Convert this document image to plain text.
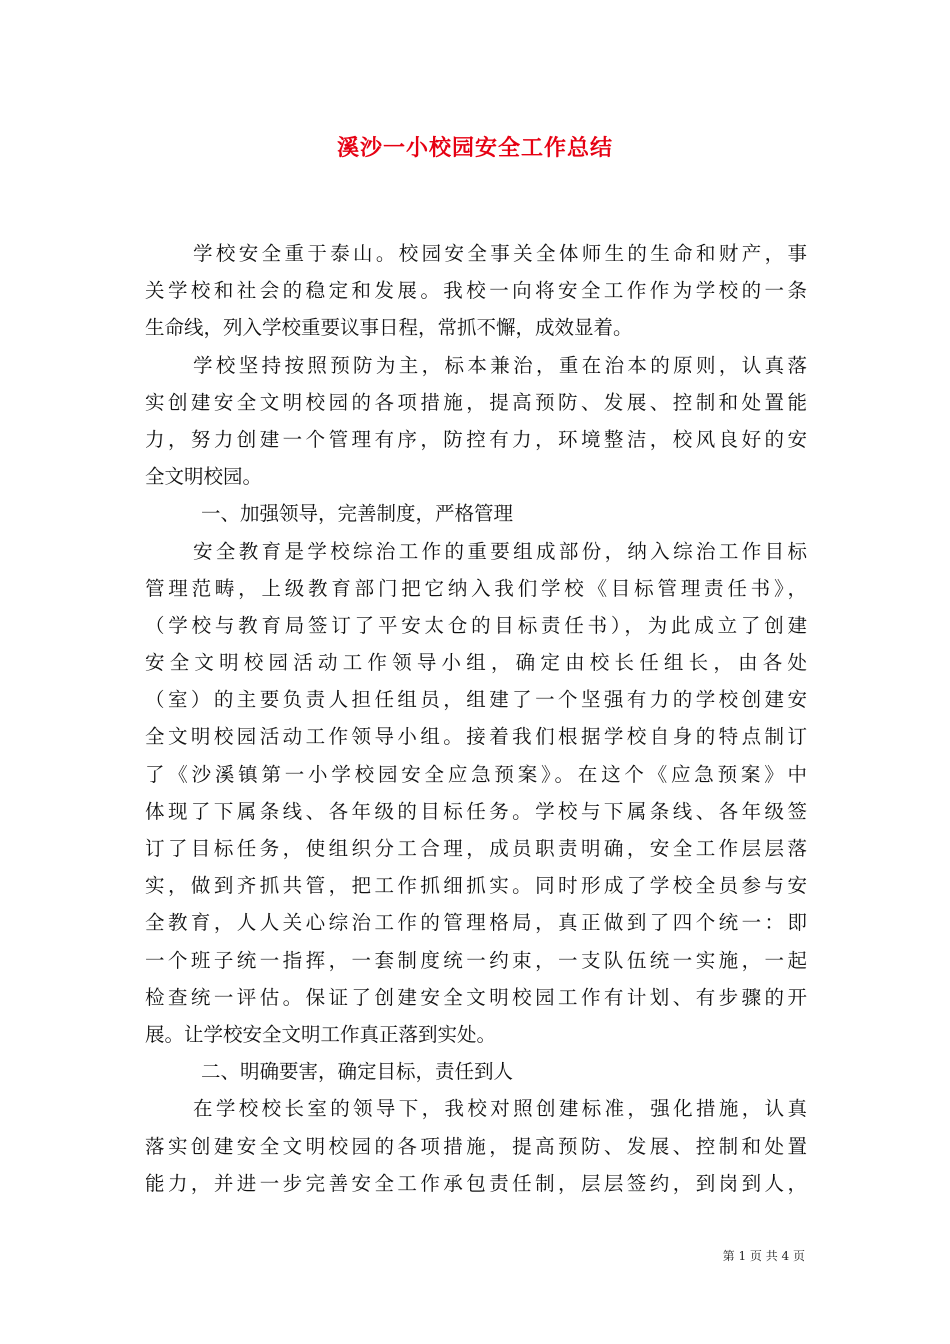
溪沙一小校园安全工作总结
学校安全重于泰山。校园安全事关全体师生的生命和财产，事
关学校和社会的稳定和发展。我校一向将安全工作作为学校的一条
生命线，列入学校重要议事日程，常抓不懈，成效显着。
学校坚持按照预防为主，标本兼治，重在治本的原则，认真落
实创建安全文明校园的各项措施，提高预防、发展、控制和处置能
力，努力创建一个管理有序，防控有力，环境整洁，校风良好的安
全文明校园。
一、加强领导，完善制度，严格管理
安全教育是学校综治工作的重要组成部份，纳入综治工作目标
管理范畴，上级教育部门把它纳入我们学校《目标管理责任书》，
（学校与教育局签订了平安太仓的目标责任书），为此成立了创建
安全文明校园活动工作领导小组，确定由校长任组长，由各处
（室）的主要负责人担任组员，组建了一个坚强有力的学校创建安
全文明校园活动工作领导小组。接着我们根据学校自身的特点制订
了《沙溪镇第一小学校园安全应急预案》。在这个《应急预案》中
体现了下属条线、各年级的目标任务。学校与下属条线、各年级签
订了目标任务，使组织分工合理，成员职责明确，安全工作层层落
实，做到齐抓共管，把工作抓细抓实。同时形成了学校全员参与安
全教育，人人关心综治工作的管理格局，真正做到了四个统一：即
一个班子统一指挥，一套制度统一约束，一支队伍统一实施，一起
检查统一评估。保证了创建安全文明校园工作有计划、有步骤的开
展。让学校安全文明工作真正落到实处。
二、明确要害，确定目标，责任到人
在学校校长室的领导下，我校对照创建标准，强化措施，认真
落实创建安全文明校园的各项措施，提高预防、发展、控制和处置
能力，并进一步完善安全工作承包责任制，层层签约，到岗到人，
第 1 页 共 4 页
